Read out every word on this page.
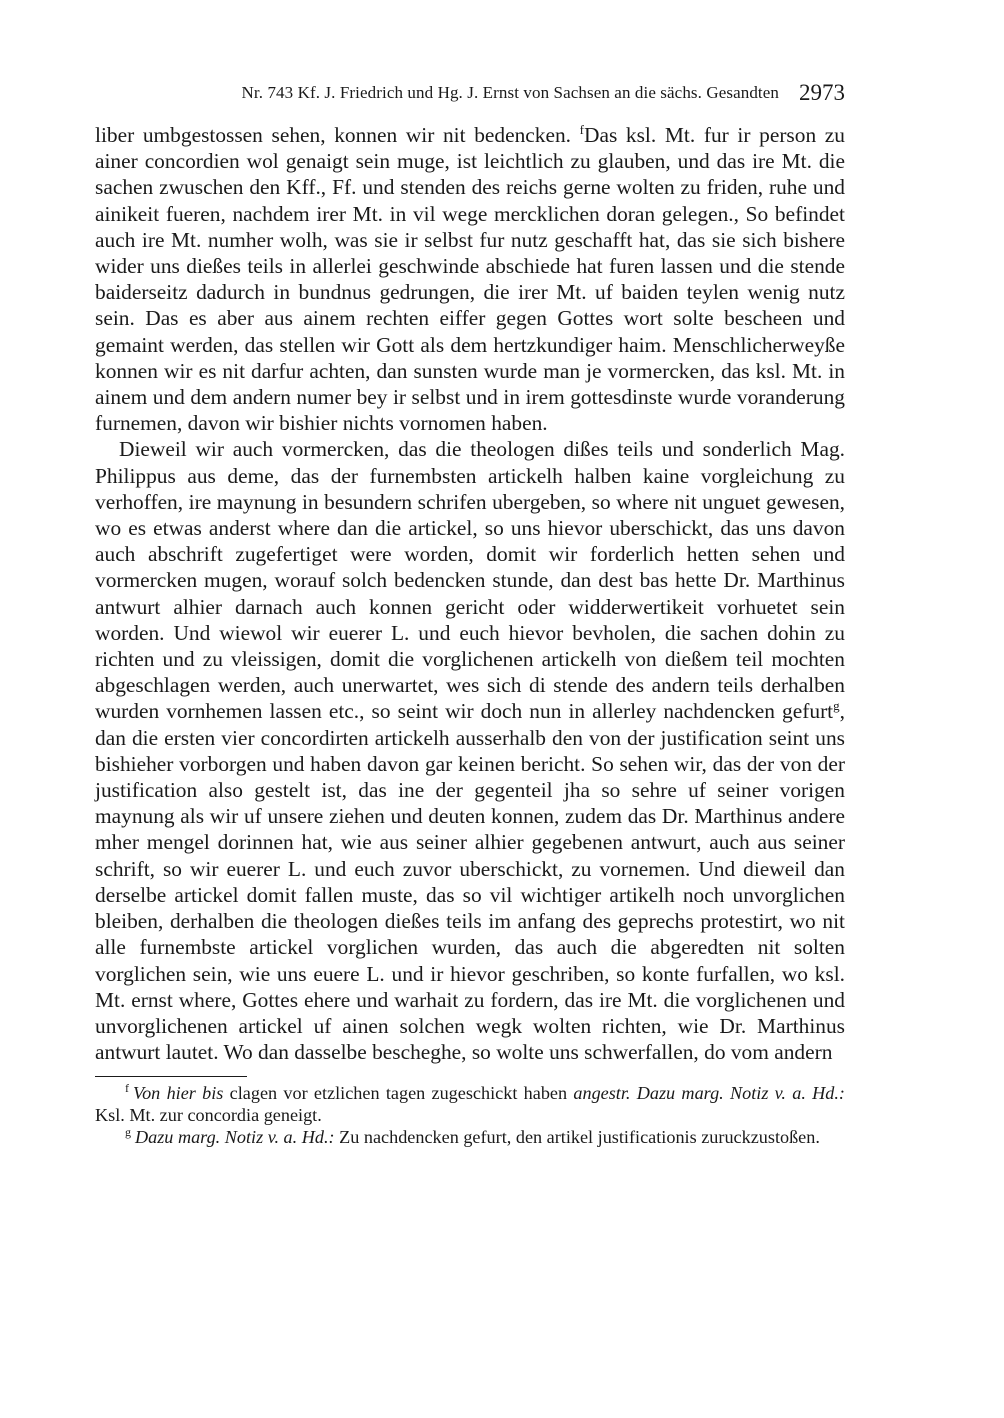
Nr. 743 Kf. J. Friedrich und Hg. J. Ernst von Sachsen an die sächs. Gesandten 2973

liber umbgestossen sehen, konnen wir nit bedencken. $^f$Das ksl. Mt. fur ir person zu ainer concordien wol genaigt sein muge, ist leichtlich zu glauben, und das ire Mt. die sachen zwuschen den Kff., Ff. und stenden des reichs gerne wolten zu friden, ruhe und ainikeit fueren, nachdem irer Mt. in vil wege mercklichen doran gelegen., So befindet auch ire Mt. numher wolh, was sie ir selbst fur nutz geschafft hat, das sie sich bishere wider uns dießes teils in allerlei geschwinde abschiede hat furen lassen und die stende baiderseitz dadurch in bundnus gedrungen, die irer Mt. uf baiden teylen wenig nutz sein. Das es aber aus ainem rechten eiffer gegen Gottes wort solte bescheen und gemaint werden, das stellen wir Gott als dem hertzkundiger haim. Menschlicherweyße konnen wir es nit darfur achten, dan sunsten wurde man je vormercken, das ksl. Mt. in ainem und dem andern numer bey ir selbst und in irem gottesdinste wurde voranderung furnemen, davon wir bishier nichts vornomen haben.

Dieweil wir auch vormercken, das die theologen dißes teils und sonderlich Mag. Philippus aus deme, das der furnembsten artickelh halben kaine vorgleichung zu verhoffen, ire maynung in besundern schrifen ubergeben, so where nit unguet gewesen, wo es etwas anderst where dan die artickel, so uns hievor uberschickt, das uns davon auch abschrift zugefertiget were worden, domit wir forderlich hetten sehen und vormercken mugen, worauf solch bedencken stunde, dan dest bas hette Dr. Marthinus antwurt alhier darnach auch konnen gericht oder widderwertikeit vorhuetet sein worden. Und wiewol wir euerer L. und euch hievor bevholen, die sachen dohin zu richten und zu vleissigen, domit die vorglichenen artickelh von dießem teil mochten abgeschlagen werden, auch unerwartet, wes sich di stende des andern teils derhalben wurden vornhemen lassen etc., so seint wir doch nun in allerley nachdencken gefurt$^g$, dan die ersten vier concordirten artickelh ausserhalb den von der justification seint uns bishieher vorborgen und haben davon gar keinen bericht. So sehen wir, das der von der justification also gestelt ist, das ine der gegenteil jha so sehre uf seiner vorigen maynung als wir uf unsere ziehen und deuten konnen, zudem das Dr. Marthinus andere mher mengel dorinnen hat, wie aus seiner alhier gegebenen antwurt, auch aus seiner schrift, so wir euerer L. und euch zuvor uberschickt, zu vornemen. Und dieweil dan derselbe artickel domit fallen muste, das so vil wichtiger artikelh noch unvorglichen bleiben, derhalben die theologen dießes teils im anfang des geprechs protestirt, wo nit alle furnembste artickel vorglichen wurden, das auch die abgeredten nit solten vorglichen sein, wie uns euere L. und ir hievor geschriben, so konte furfallen, wo ksl. Mt. ernst where, Gottes ehere und warhait zu fordern, das ire Mt. die vorglichenen und unvorglichenen artickel uf ainen solchen wegk wolten richten, wie Dr. Marthinus antwurt lautet. Wo dan dasselbe bescheghe, so wolte uns schwerfallen, do vom andern

$^f$ Von hier bis clagen vor etzlichen tagen zugeschickt haben angestr. Dazu marg. Notiz v. a. Hd.: Ksl. Mt. zur concordia geneigt.

$^g$ Dazu marg. Notiz v. a. Hd.: Zu nachdencken gefurt, den artikel justificationis zuruckzustoßen.
